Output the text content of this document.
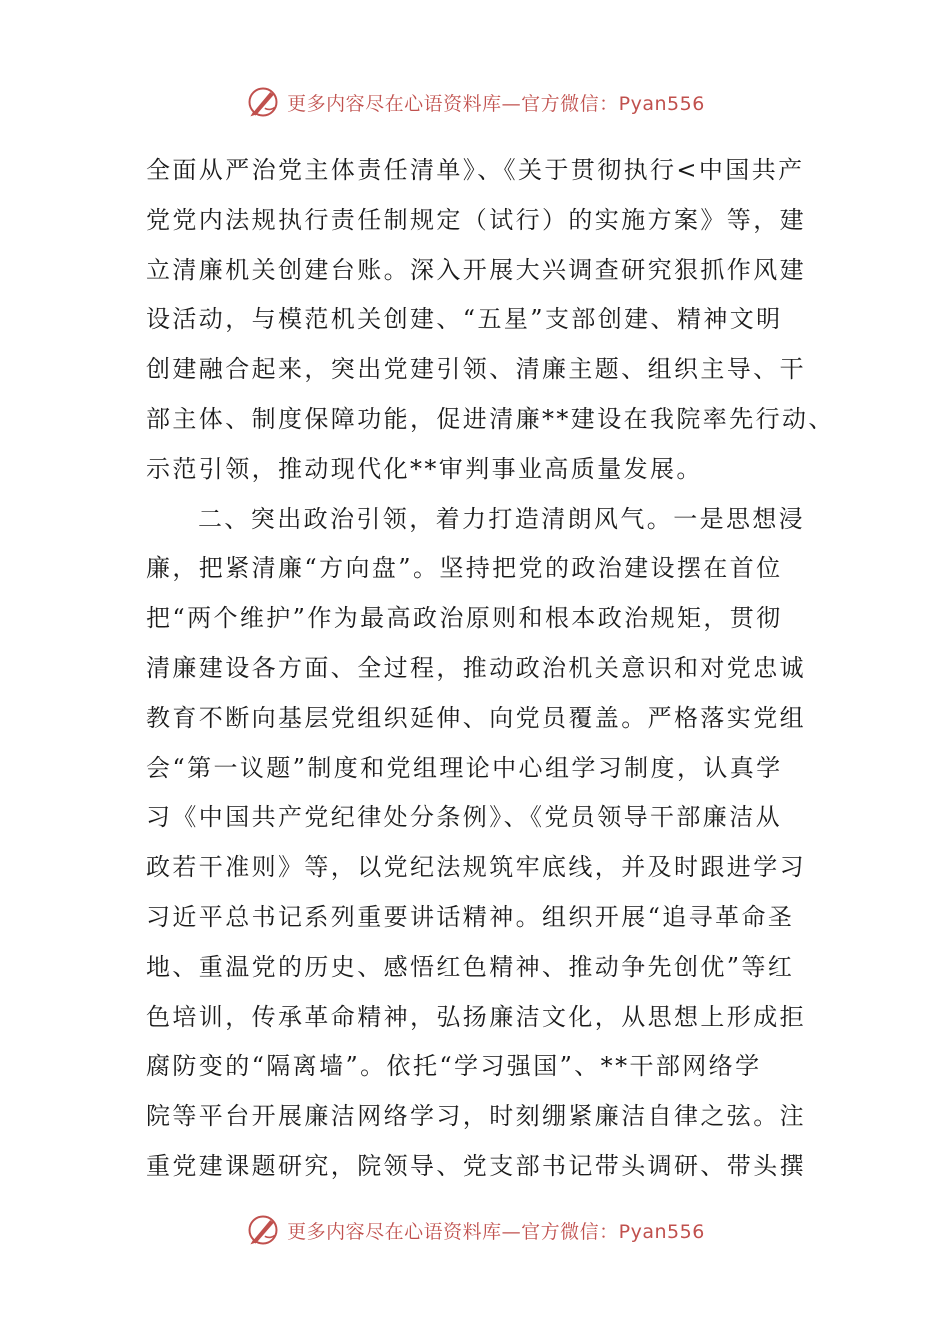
更多内容尽在心语资料库—官方微信：Pyan556
全面从严治党主体责任清单》、《关于贯彻执行<中国共产
党党内法规执行责任制规定（试行）的实施方案》等，建
立清廉机关创建台账。深入开展大兴调查研究狠抓作风建
设活动，与模范机关创建、“五星”支部创建、精神文明
创建融合起来，突出党建引领、清廉主题、组织主导、干
部主体、制度保障功能，促进清廉**建设在我院率先行动、
示范引领，推动现代化**审判事业高质量发展。
二、突出政治引领，着力打造清朗风气。一是思想浸
廉，把紧清廉“方向盘”。坚持把党的政治建设摆在首位
把“两个维护”作为最高政治原则和根本政治规矩，贯彻
清廉建设各方面、全过程，推动政治机关意识和对党忠诚
教育不断向基层党组织延伸、向党员覆盖。严格落实党组
会“第一议题”制度和党组理论中心组学习制度，认真学
习《中国共产党纪律处分条例》、《党员领导干部廉洁从
政若干准则》等，以党纪法规筑牢底线，并及时跟进学习
习近平总书记系列重要讲话精神。组织开展“追寻革命圣
地、重温党的历史、感悟红色精神、推动争先创优”等红
色培训，传承革命精神，弘扬廉洁文化，从思想上形成拒
腐防变的“隔离墙”。依托“学习强国”、**干部网络学
院等平台开展廉洁网络学习，时刻绷紧廉洁自律之弦。注
重党建课题研究，院领导、党支部书记带头调研、带头撰
更多内容尽在心语资料库—官方微信：Pyan556
